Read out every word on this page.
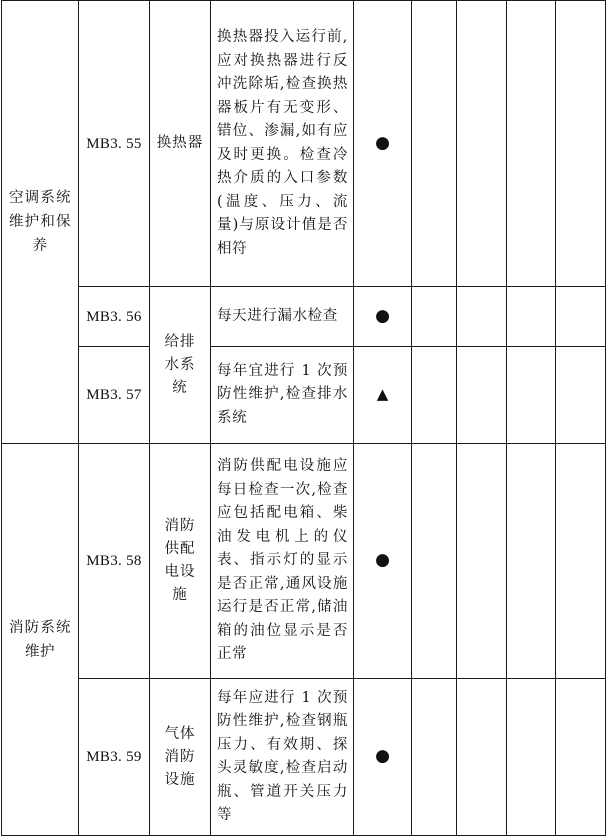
空调系统维护和保养	MB3. 55	换热器	换热器投入运行前,应对换热器进行反冲洗除垢,检查换热器板片有无变形、错位、渗漏,如有应及时更换。检查冷热介质的入口参数(温度、压力、流量)与原设计值是否相符	●				
	MB3. 56	给排水系统	每天进行漏水检查	●				
	MB3. 57		每年宜进行 1 次预防性维护,检查排水系统	▲				

消防系统维护	MB3. 58	消防供配电设施	消防供配电设施应每日检查一次,检查应包括配电箱、柴油发电机上的仪表、指示灯的显示是否正常,通风设施运行是否正常,储油箱的油位显示是否正常	●				
	MB3. 59	气体消防设施	每年应进行 1 次预防性维护,检查钢瓶压力、有效期、探头灵敏度,检查启动瓶、管道开关压力等	●				
